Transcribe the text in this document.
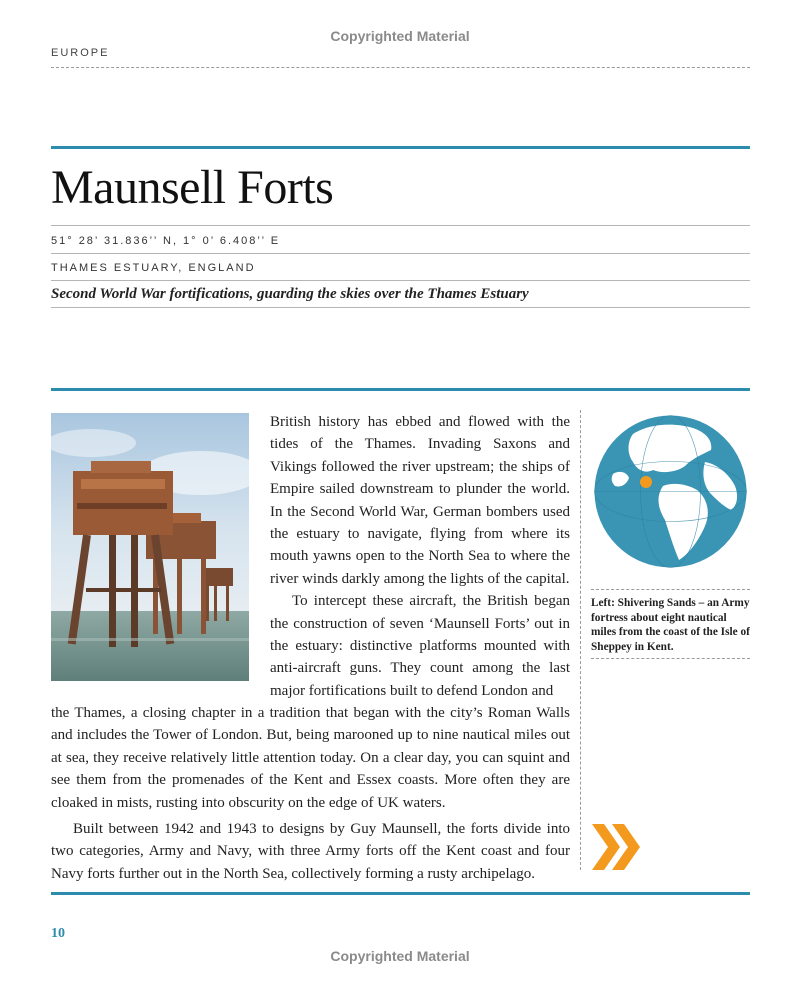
Copyrighted Material
EUROPE
Maunsell Forts
51° 28’ 31.836’’ N, 1° 0’ 6.408’’ E
THAMES ESTUARY, ENGLAND
Second World War fortifications, guarding the skies over the Thames Estuary

British history has ebbed and flowed with the tides of the Thames. Invading Saxons and Vikings followed the river upstream; the ships of Empire sailed downstream to plunder the world. In the Second World War, German bombers used the estuary to navigate, flying from where its mouth yawns open to the North Sea to where the river winds darkly among the lights of the capital.

To intercept these aircraft, the British began the construction of seven ‘Maunsell Forts’ out in the estuary: distinctive platforms mounted with anti-aircraft guns. They count among the last major fortifications built to defend London and

the Thames, a closing chapter in a tradition that began with the city’s Roman Walls and includes the Tower of London. But, being marooned up to nine nautical miles out at sea, they receive relatively little attention today. On a clear day, you can squint and see them from the promenades of the Kent and Essex coasts. More often they are cloaked in mists, rusting into obscurity on the edge of UK waters.

Built between 1942 and 1943 to designs by Guy Maunsell, the forts divide into two categories, Army and Navy, with three Army forts off the Kent coast and four Navy forts further out in the North Sea, collectively forming a rusty archipelago.

Left: Shivering Sands – an Army fortress about eight nautical miles from the coast of the Isle of Sheppey in Kent.
10
Copyrighted Material
